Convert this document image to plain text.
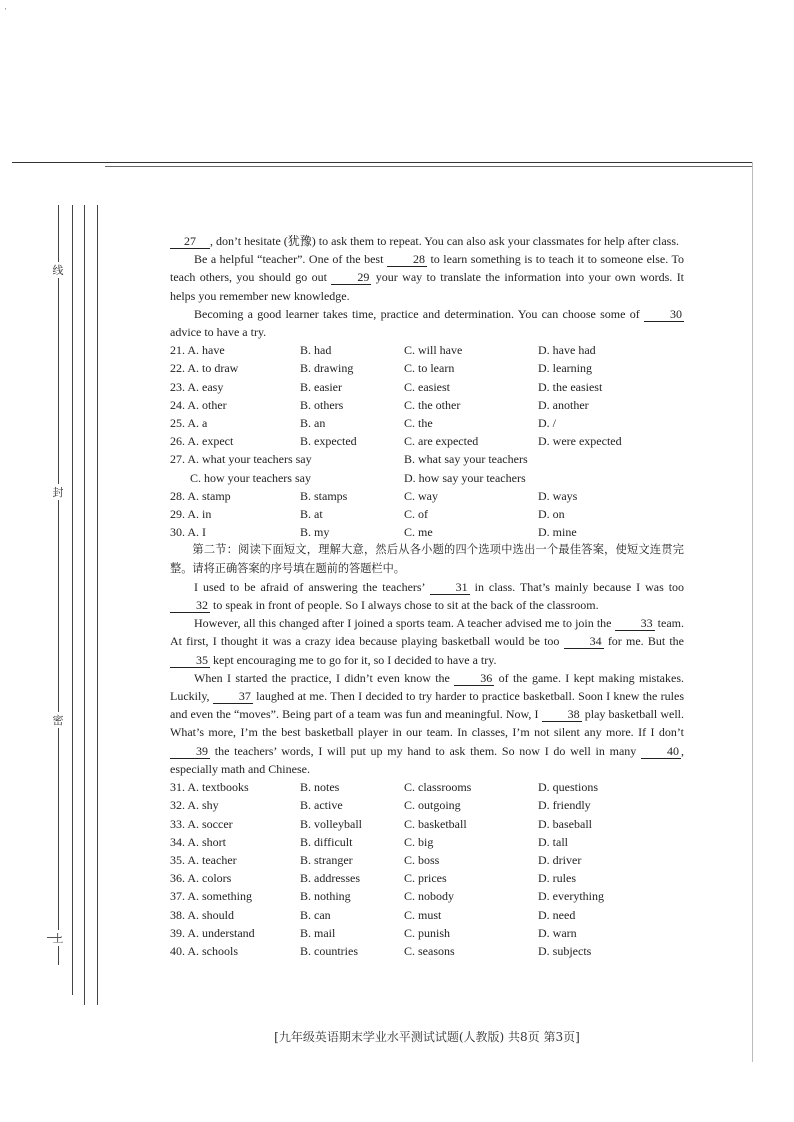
·
线
封
密
上

27 , don’t hesitate (犹豫) to ask them to repeat. You can also ask your classmates for help after class.

Be a helpful “teacher”. One of the best 28 to learn something is to teach it to someone else. To teach others, you should go out	29 your way to translate the information into your own words. It helps you remember new knowledge.

Becoming a good learner takes time, practice and determination. You can choose some of	30 advice to have a try.

21. A. have	B. had	C. will have	D. have had
22. A. to draw	B. drawing	C. to learn	D. learning
23. A. easy	B. easier	C. easiest	D. the easiest
24. A. other	B. others	C. the other	D. another
25. A. a	B. an	C. the	D. /
26. A. expect	B. expected	C. are expected	D. were expected
27. A. what your teachers say	B. what say your teachers
C. how your teachers say	D. how say your teachers
28. A. stamp	B. stamps	C. way	D. ways
29. A. in	B. at	C. of	D. on
30. A. I	B. my	C. me	D. mine

第二节：阅读下面短文，理解大意，然后从各小题的四个选项中选出一个最佳答案，使短文连贯完整。请将正确答案的序号填在题前的答题栏中。

I used to be afraid of answering the teachers’	31 in class. That’s mainly because I was too 32 to speak in front of people. So I always chose to sit at the back of the classroom.

However, all this changed after I joined a sports team. A teacher advised me to join the 33 team. At first, I thought it was a crazy idea because playing basketball would be too	34 for me. But the 35 kept encouraging me to go for it, so I decided to have a try.

When I started the practice, I didn’t even know the	36 of the game. I kept making mistakes. Luckily, 37 laughed at me. Then I decided to try harder to practice basketball. Soon I knew the rules and even the “moves”. Being part of a team was fun and meaningful. Now, I 38 play basketball well. What’s more, I’m the best basketball player in our team. In classes, I’m not silent any more. If I don’t 39 the teachers’ words, I will put up my hand to ask them. So now I do well in many	40 , especially math and Chinese.

31. A. textbooks	B. notes	C. classrooms	D. questions
32. A. shy	B. active	C. outgoing	D. friendly
33. A. soccer	B. volleyball	C. basketball	D. baseball
34. A. short	B. difficult	C. big	D. tall
35. A. teacher	B. stranger	C. boss	D. driver
36. A. colors	B. addresses	C. prices	D. rules
37. A. something	B. nothing	C. nobody	D. everything
38. A. should	B. can	C. must	D. need
39. A. understand	B. mail	C. punish	D. warn
40. A. schools	B. countries	C. seasons	D. subjects
[九年级英语期末学业水平测试试题(人教版) 共8页 第3页]
